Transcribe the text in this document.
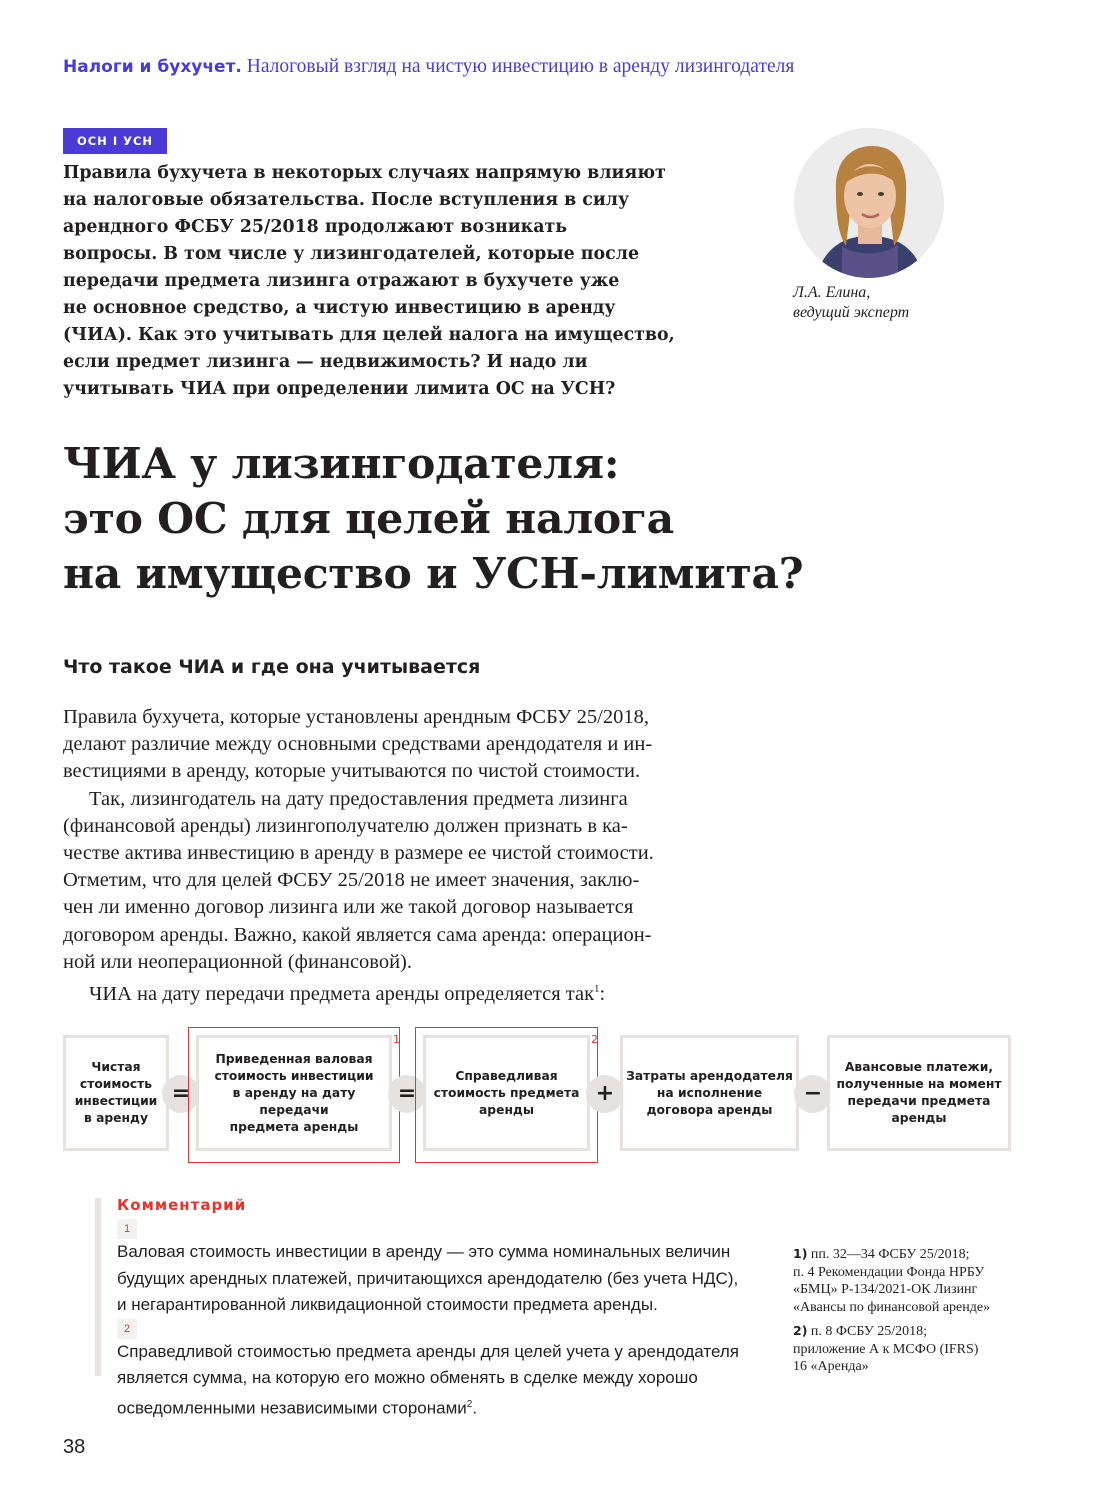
Налоги и бухучет. Налоговый взгляд на чистую инвестицию в аренду лизингодателя
ОСН I УСН

Правила бухучета в некоторых случаях напрямую влияют
на налоговые обязательства. После вступления в силу
арендного ФСБУ 25/2018 продолжают возникать
вопросы. В том числе у лизингодателей, которые после
передачи предмета лизинга отражают в бухучете уже
не основное средство, а чистую инвестицию в аренду
(ЧИА). Как это учитывать для целей налога на имущество,
если предмет лизинга — недвижимость? И надо ли
учитывать ЧИА при определении лимита ОС на УСН?

Л.А. Елина,
ведущий эксперт
ЧИА у лизингодателя:
это ОС для целей налога
на имущество и УСН-лимита?
Что такое ЧИА и где она учитывается
Правила бухучета, которые установлены арендным ФСБУ 25/2018,
делают различие между основными средствами арендодателя и ин-
вестициями в аренду, которые учитываются по чистой стоимости.
Так, лизингодатель на дату предоставления предмета лизинга
(финансовой аренды) лизингополучателю должен признать в ка-
честве актива инвестицию в аренду в размере ее чистой стоимости.
Отметим, что для целей ФСБУ 25/2018 не имеет значения, заклю-
чен ли именно договор лизинга или же такой договор называется
договором аренды. Важно, какой является сама аренда: операцион-
ной или неоперационной (финансовой).
ЧИА на дату передачи предмета аренды определяется так$^1$:
Чистая
стоимость
инвестиции
в аренду
=
1
Приведенная валовая
стоимость инвестиции
в аренду на дату передачи
предмета аренды
=
2
Справедливая
стоимость предмета
аренды
+
Затраты арендодателя
на исполнение
договора аренды
−
Авансовые платежи,
полученные на момент
передачи предмета
аренды
Комментарий
1
Валовая стоимость инвестиции в аренду — это сумма номинальных величин
будущих арендных платежей, причитающихся арендодателю (без учета НДС),
и негарантированной ликвидационной стоимости предмета аренды.
2
Справедливой стоимостью предмета аренды для целей учета у арендодателя
является сумма, на которую его можно обменять в сделке между хорошо
осведомленными независимыми сторонами$^2$.
1) пп. 32—34 ФСБУ 25/2018;
п. 4 Рекомендации Фонда НРБУ
«БМЦ» Р-134/2021-ОК Лизинг
«Авансы по финансовой аренде»
2) п. 8 ФСБУ 25/2018;
приложение А к МСФО (IFRS)
16 «Аренда»
38
